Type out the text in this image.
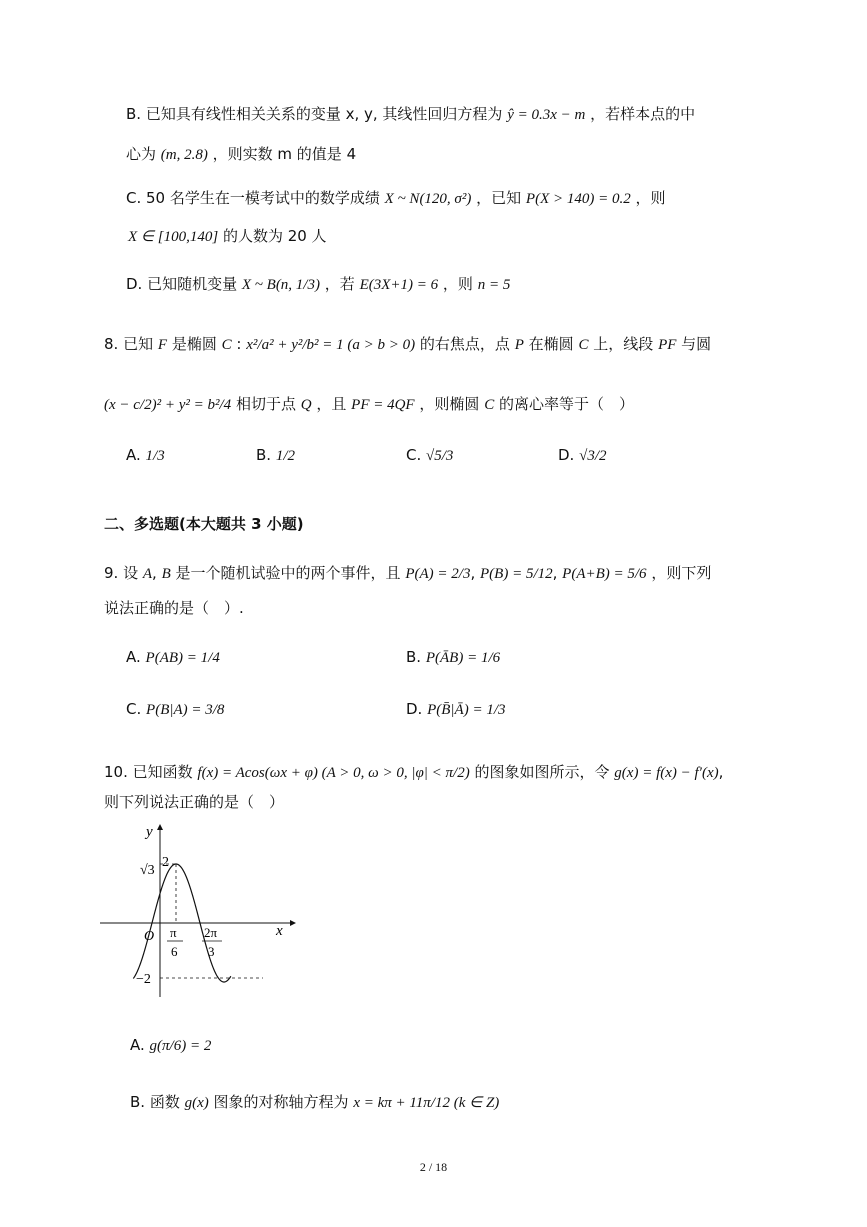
B. 已知具有线性相关关系的变量 x, y, 其线性回归方程为 ŷ = 0.3x − m ，若样本点的中
心为 (m, 2.8) ，则实数 m 的值是 4
C. 50 名学生在一模考试中的数学成绩 X ~ N(120, σ²) ，已知 P(X > 140) = 0.2 ，则
X ∈ [100,140] 的人数为 20 人
D. 已知随机变量 X ~ B(n, 1/3) ，若 E(3X+1) = 6 ，则 n = 5
8. 已知 F 是椭圆 C : x²/a² + y²/b² = 1 (a > b > 0) 的右焦点，点 P 在椭圆 C 上，线段 PF 与圆
(x − c/2)² + y² = b²/4 相切于点 Q ，且 PF = 4QF ，则椭圆 C 的离心率等于（　）
A. 1/3	B. 1/2	C. √5/3	D. √3/2
二、多选题(本大题共 3 小题)
9. 设 A, B 是一个随机试验中的两个事件，且 P(A) = 2/3, P(B) = 5/12, P(A+B) = 5/6 ，则下列
说法正确的是（　）.
A. P(AB) = 1/4	B. P(ĀB) = 1/6
C. P(B|A) = 3/8	D. P(B̄|Ā) = 1/3
10. 已知函数 f(x) = Acos(ωx + φ) (A > 0, ω > 0, |φ| < π/2) 的图象如图所示，令 g(x) = f(x) − f′(x),
则下列说法正确的是（　）
y
x
O
2
√3
−2
π
6
2π
3
A. g(π/6) = 2
B. 函数 g(x) 图象的对称轴方程为 x = kπ + 11π/12 (k ∈ Z)
2 / 18
